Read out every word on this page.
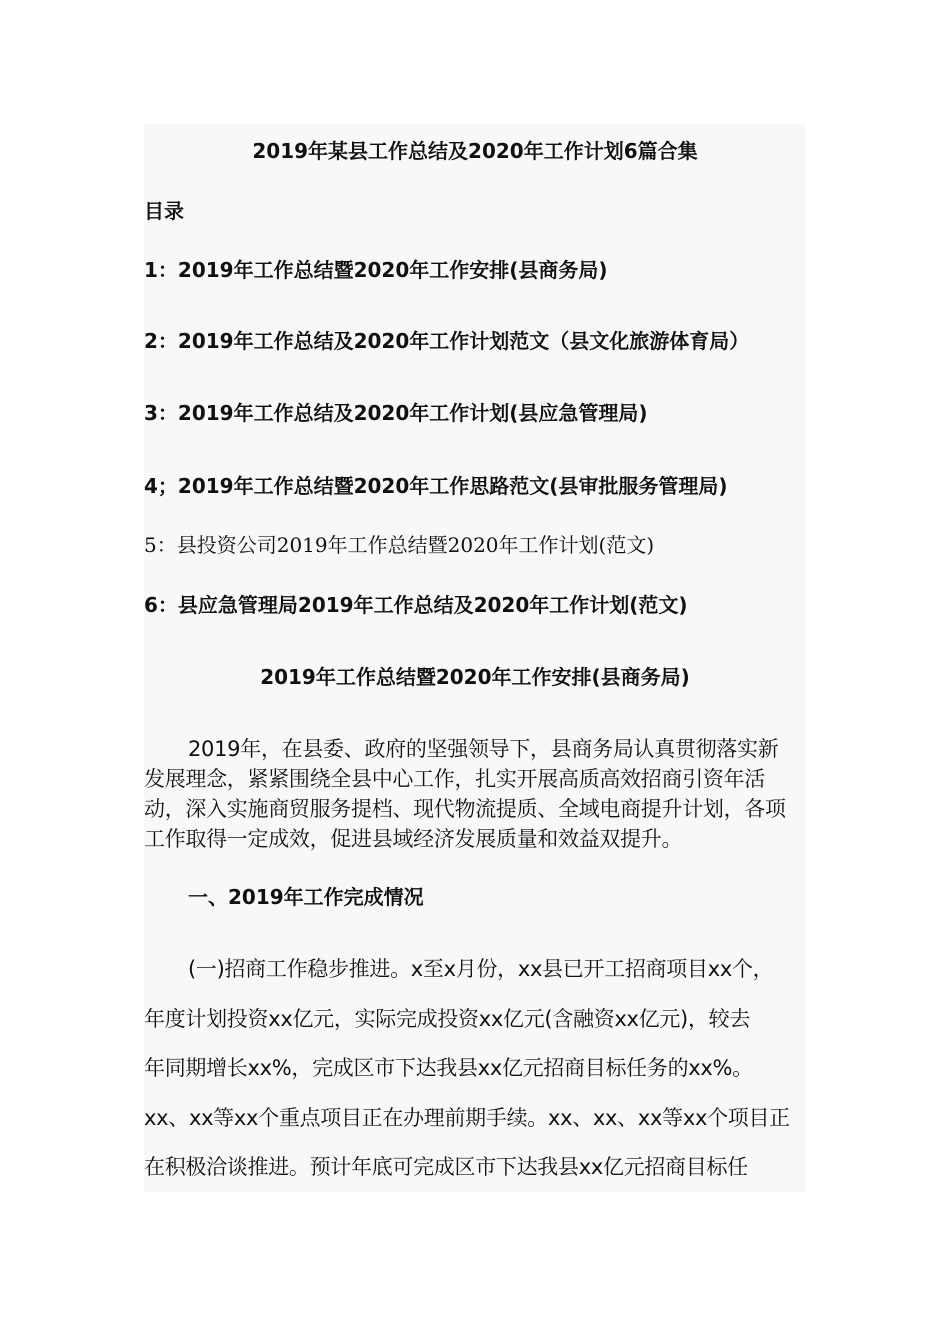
2019年某县工作总结及2020年工作计划6篇合集
目录
1：2019年工作总结暨2020年工作安排(县商务局)
2：2019年工作总结及2020年工作计划范文（县文化旅游体育局）
3：2019年工作总结及2020年工作计划(县应急管理局)
4；2019年工作总结暨2020年工作思路范文(县审批服务管理局)
5：县投资公司2019年工作总结暨2020年工作计划(范文)
6：县应急管理局2019年工作总结及2020年工作计划(范文)
2019年工作总结暨2020年工作安排(县商务局)
2019年，在县委、政府的坚强领导下，县商务局认真贯彻落实新
发展理念，紧紧围绕全县中心工作，扎实开展高质高效招商引资年活
动，深入实施商贸服务提档、现代物流提质、全域电商提升计划，各项
工作取得一定成效，促进县域经济发展质量和效益双提升。
一、2019年工作完成情况
(一)招商工作稳步推进。x至x月份，xx县已开工招商项目xx个，
年度计划投资xx亿元，实际完成投资xx亿元(含融资xx亿元)，较去
年同期增长xx%，完成区市下达我县xx亿元招商目标任务的xx%。
xx、xx等xx个重点项目正在办理前期手续。xx、xx、xx等xx个项目正
在积极洽谈推进。预计年底可完成区市下达我县xx亿元招商目标任
